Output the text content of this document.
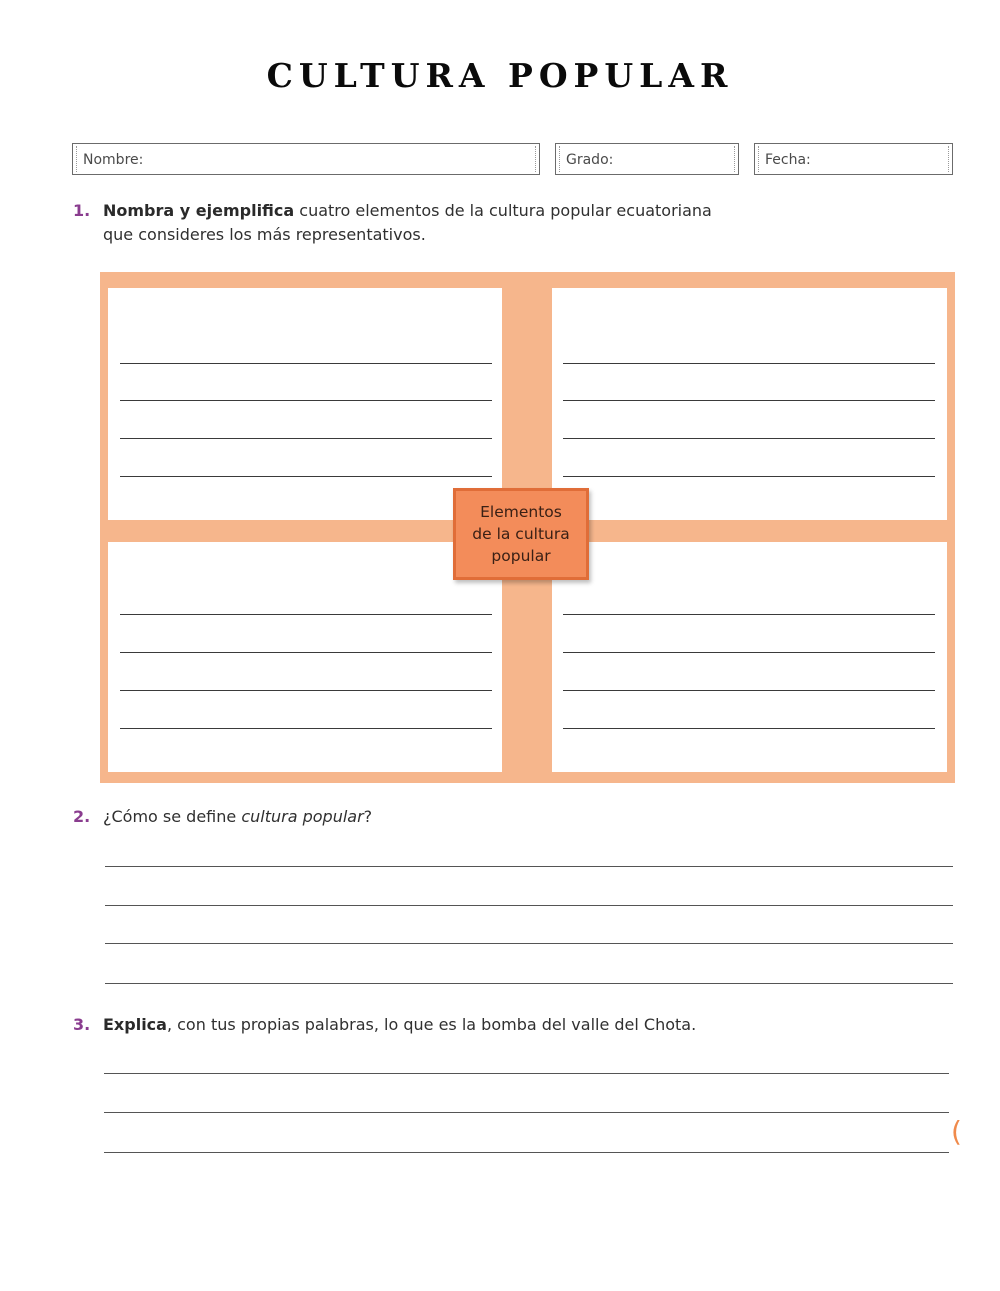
CULTURA POPULAR
Nombre:	Grado:	Fecha:
1. Nombra y ejemplifica cuatro elementos de la cultura popular ecuatoriana
que consideres los más representativos.
Elementos
de la cultura
popular
2. ¿Cómo se define cultura popular?
3. Explica, con tus propias palabras, lo que es la bomba del valle del Chota.
(
